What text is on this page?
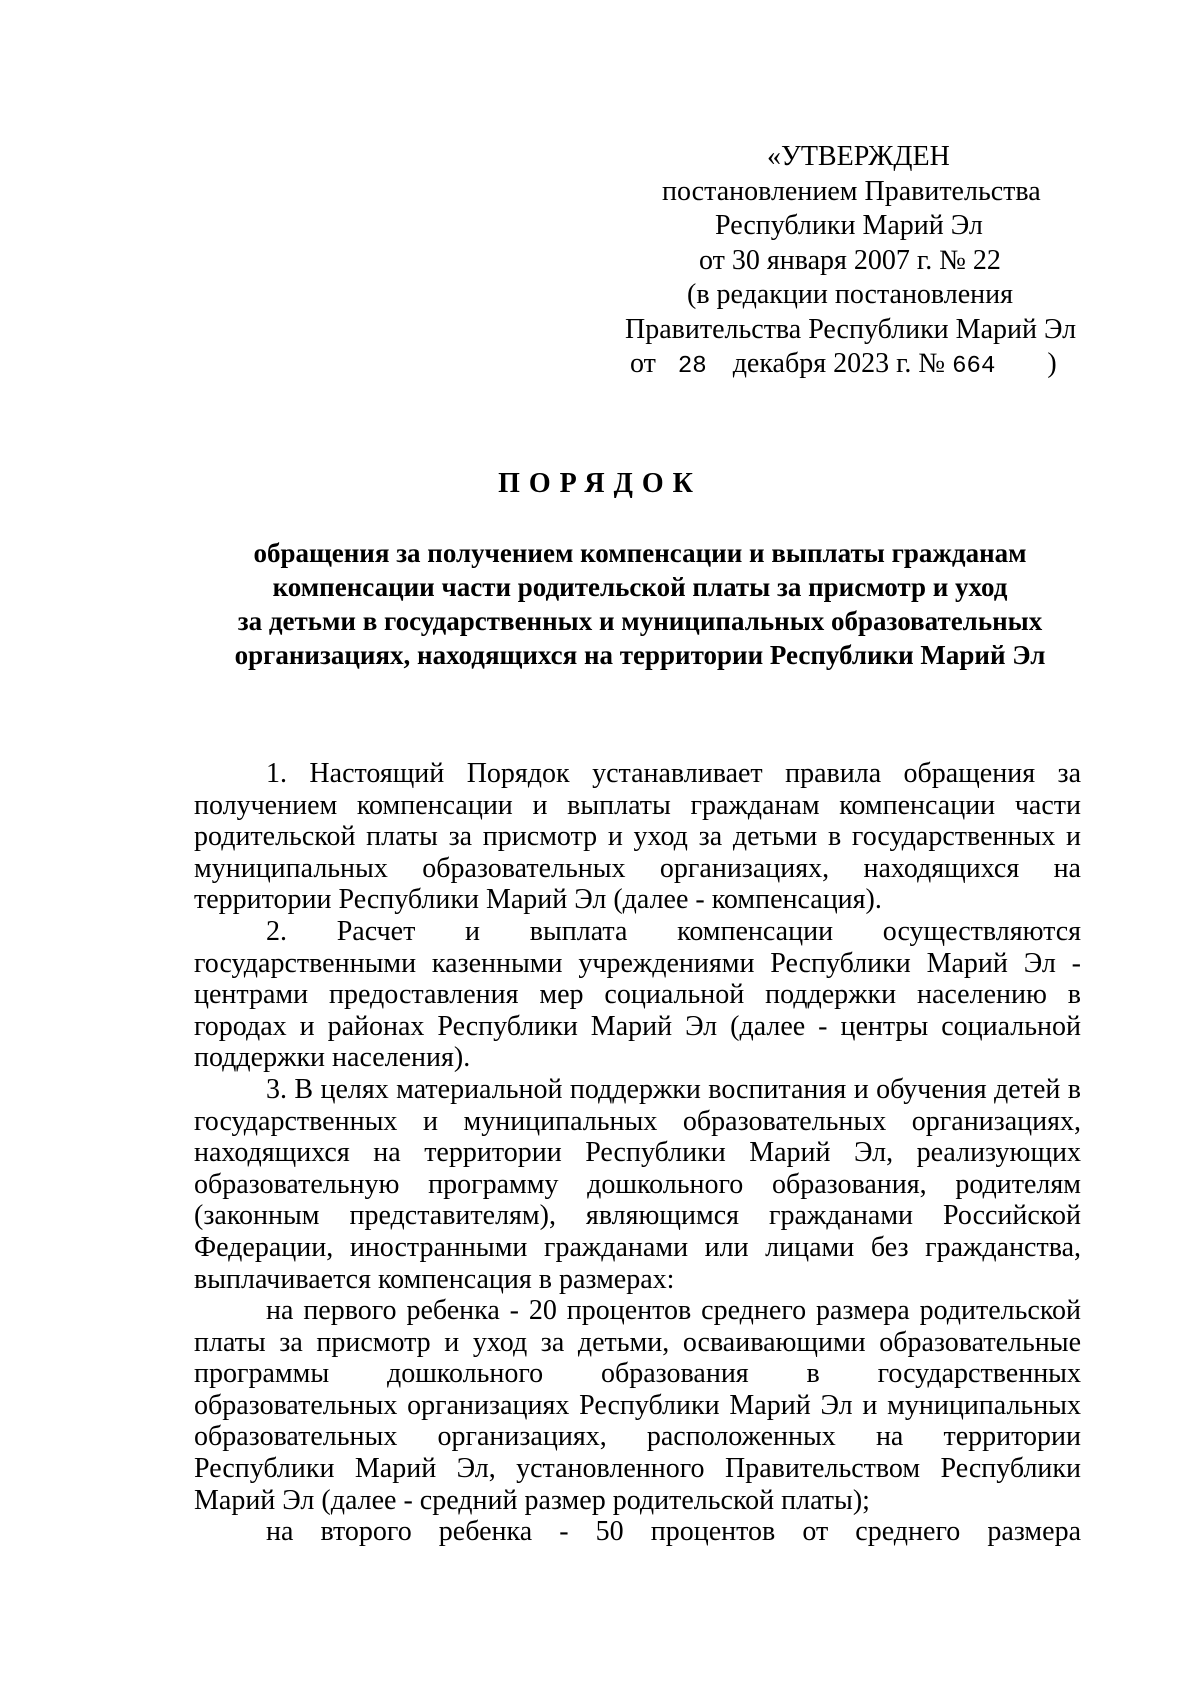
«УТВЕРЖДЕН
постановлением Правительства
Республики Марий Эл
от 30 января 2007 г. № 22
(в редакции постановления
Правительства Республики Марий Эл
от 28 декабря 2023 г. № 664 )
ПОРЯДОК
обращения за получением компенсации и выплаты гражданам
компенсации части родительской платы за присмотр и уход
за детьми в государственных и муниципальных образовательных
организациях, находящихся на территории Республики Марий Эл

1. Настоящий Порядок устанавливает правила обращения за получением компенсации и выплаты гражданам компенсации части родительской платы за присмотр и уход за детьми в государственных и муниципальных образовательных организациях, находящихся на территории Республики Марий Эл (далее - компенсация).

2. Расчет и выплата компенсации осуществляются государственными казенными учреждениями Республики Марий Эл - центрами предоставления мер социальной поддержки населению в городах и районах Республики Марий Эл (далее - центры социальной поддержки населения).

3. В целях материальной поддержки воспитания и обучения детей в государственных и муниципальных образовательных организациях, находящихся на территории Республики Марий Эл, реализующих образовательную программу дошкольного образования, родителям (законным представителям), являющимся гражданами Российской Федерации, иностранными гражданами или лицами без гражданства, выплачивается компенсация в размерах:

на первого ребенка - 20 процентов среднего размера родительской платы за присмотр и уход за детьми, осваивающими образовательные программы дошкольного образования в государственных образовательных организациях Республики Марий Эл и муниципальных образовательных организациях, расположенных на территории Республики Марий Эл, установленного Правительством Республики Марий Эл (далее - средний размер родительской платы);

на второго ребенка - 50 процентов от среднего размера
